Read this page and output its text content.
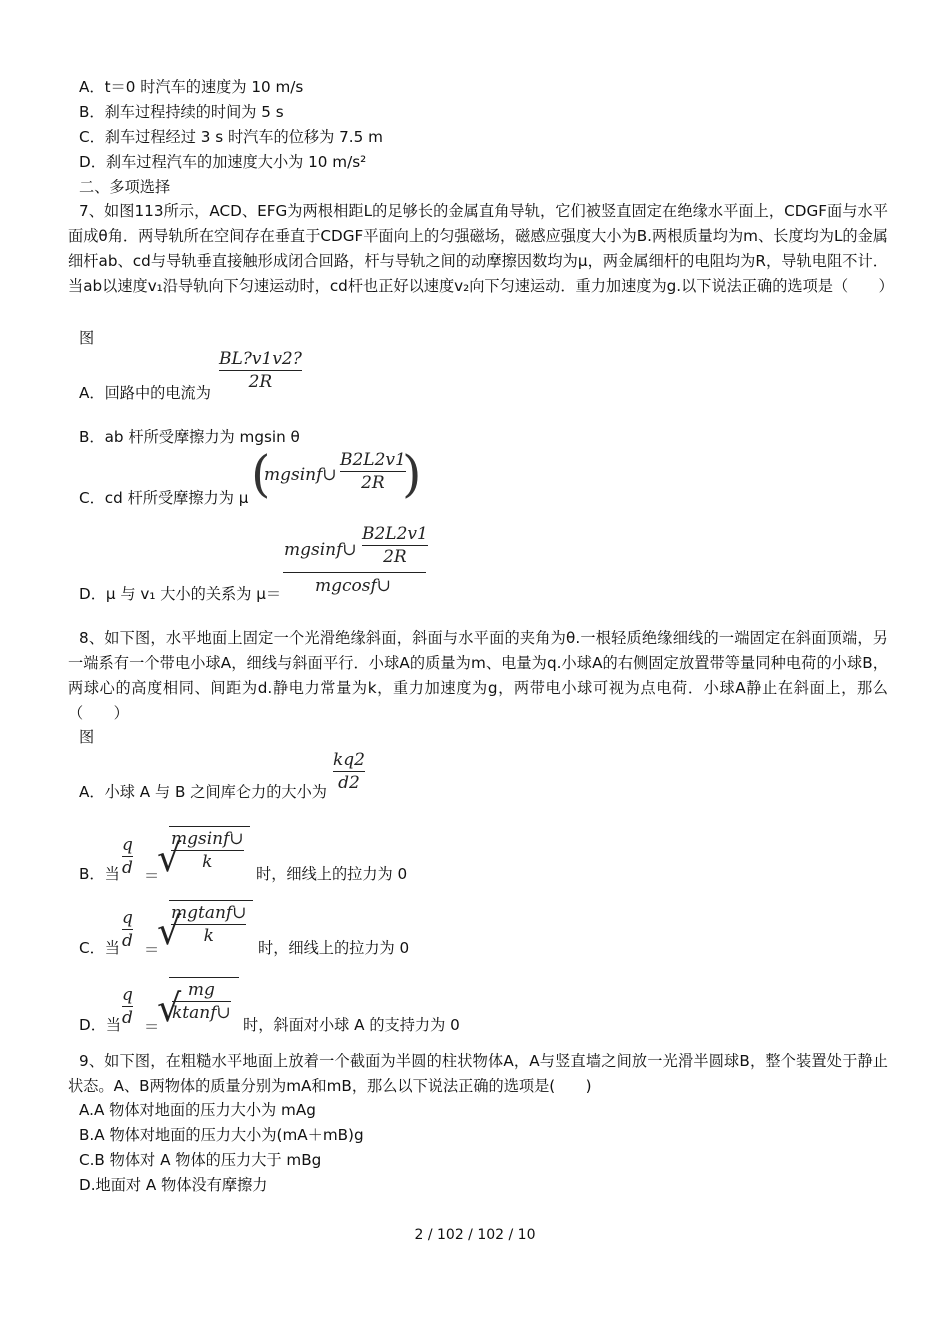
A．t＝0 时汽车的速度为 10 m/s
B．刹车过程持续的时间为 5 s
C．刹车过程经过 3 s 时汽车的位移为 7.5 m
D．刹车过程汽车的加速度大小为 10 m/s²
二、多项选择
7、如图113所示，ACD、EFG为两根相距L的足够长的金属直角导轨，它们被竖直固定在绝缘水平面上，CDGF面与水平面成θ角．两导轨所在空间存在垂直于CDGF平面向上的匀强磁场，磁感应强度大小为B.两根质量均为m、长度均为L的金属细杆ab、cd与导轨垂直接触形成闭合回路，杆与导轨之间的动摩擦因数均为μ，两金属细杆的电阻均为R，导轨电阻不计．当ab以速度v₁沿导轨向下匀速运动时，cd杆也正好以速度v₂向下匀速运动．重力加速度为g.以下说法正确的选项是（　　）
图
A．回路中的电流为
BL?v1v2?
2R
B．ab 杆所受摩擦力为 mgsin θ
C．cd 杆所受摩擦力为 μ (
mgsinf∪
B2L2v1
2R )
D．μ 与 v₁ 大小的关系为 μ＝
mgsinf∪
B2L2v1
2R
mgcosf∪
8、如下图，水平地面上固定一个光滑绝缘斜面，斜面与水平面的夹角为θ.一根轻质绝缘细线的一端固定在斜面顶端，另一端系有一个带电小球A，细线与斜面平行．小球A的质量为m、电量为q.小球A的右侧固定放置带等量同种电荷的小球B，两球心的高度相同、间距为d.静电力常量为k，重力加速度为g，两带电小球可视为点电荷．小球A静止在斜面上，那么（　　）
图
A．小球 A 与 B 之间库仑力的大小为
kq2
d2
B．当
q
d ＝
√
mgsinf∪
k
时，细线上的拉力为 0
C．当
q
d ＝
√
mgtanf∪
k
时，细线上的拉力为 0
D．当
q
d ＝
√ mg
ktanf∪
时，斜面对小球 A 的支持力为 0
9、如下图，在粗糙水平地面上放着一个截面为半圆的柱状物体A，A与竖直墙之间放一光滑半圆球B，整个装置处于静止状态。A、B两物体的质量分别为mA和mB，那么以下说法正确的选项是(　　)
A.A 物体对地面的压力大小为 mAg
B.A 物体对地面的压力大小为(mA＋mB)g
C.B 物体对 A 物体的压力大于 mBg
D.地面对 A 物体没有摩擦力
2 / 102 / 102 / 10
